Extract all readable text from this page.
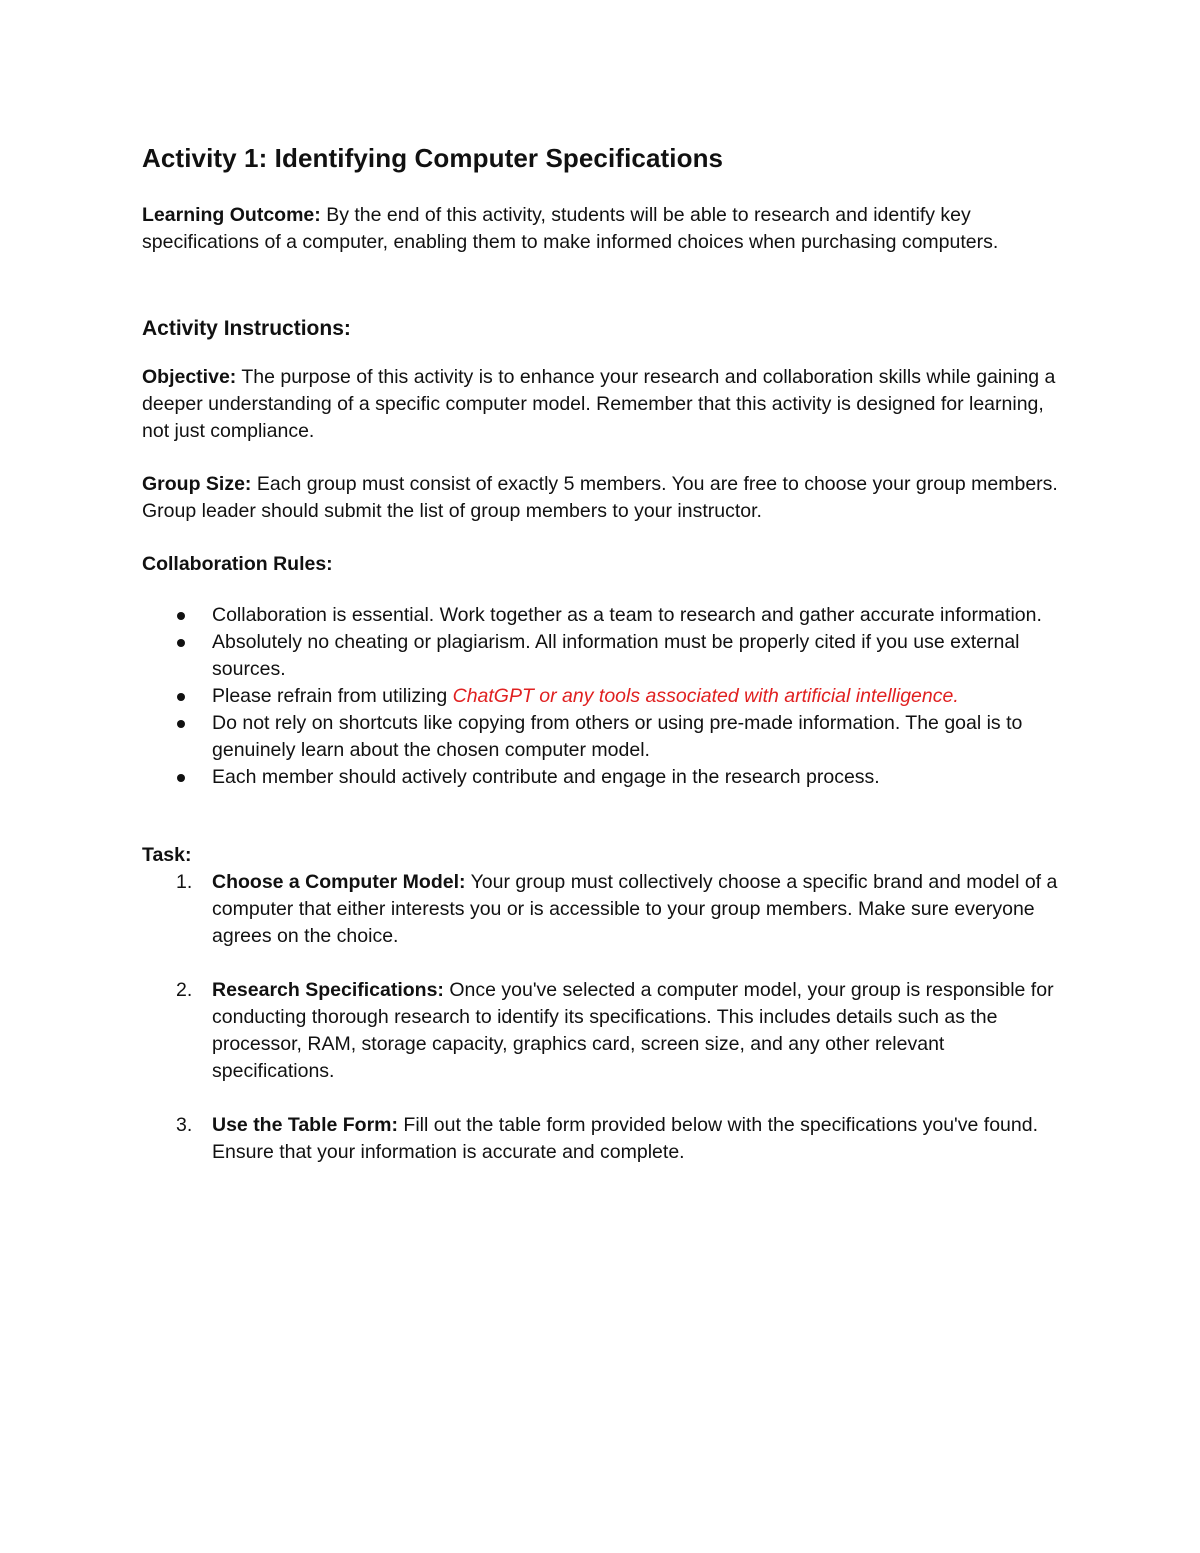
Activity 1: Identifying Computer Specifications

Learning Outcome: By the end of this activity, students will be able to research and identify key specifications of a computer, enabling them to make informed choices when purchasing computers.

Activity Instructions:

Objective: The purpose of this activity is to enhance your research and collaboration skills while gaining a deeper understanding of a specific computer model. Remember that this activity is designed for learning, not just compliance.

Group Size: Each group must consist of exactly 5 members. You are free to choose your group members. Group leader should submit the list of group members to your instructor.

Collaboration Rules:

Collaboration is essential. Work together as a team to research and gather accurate information.
Absolutely no cheating or plagiarism. All information must be properly cited if you use external sources.
Please refrain from utilizing ChatGPT or any tools associated with artificial intelligence.
Do not rely on shortcuts like copying from others or using pre-made information. The goal is to genuinely learn about the chosen computer model.
Each member should actively contribute and engage in the research process.

Task:

1. Choose a Computer Model: Your group must collectively choose a specific brand and model of a computer that either interests you or is accessible to your group members. Make sure everyone agrees on the choice.
2. Research Specifications: Once you've selected a computer model, your group is responsible for conducting thorough research to identify its specifications. This includes details such as the processor, RAM, storage capacity, graphics card, screen size, and any other relevant specifications.
3. Use the Table Form: Fill out the table form provided below with the specifications you've found. Ensure that your information is accurate and complete.
